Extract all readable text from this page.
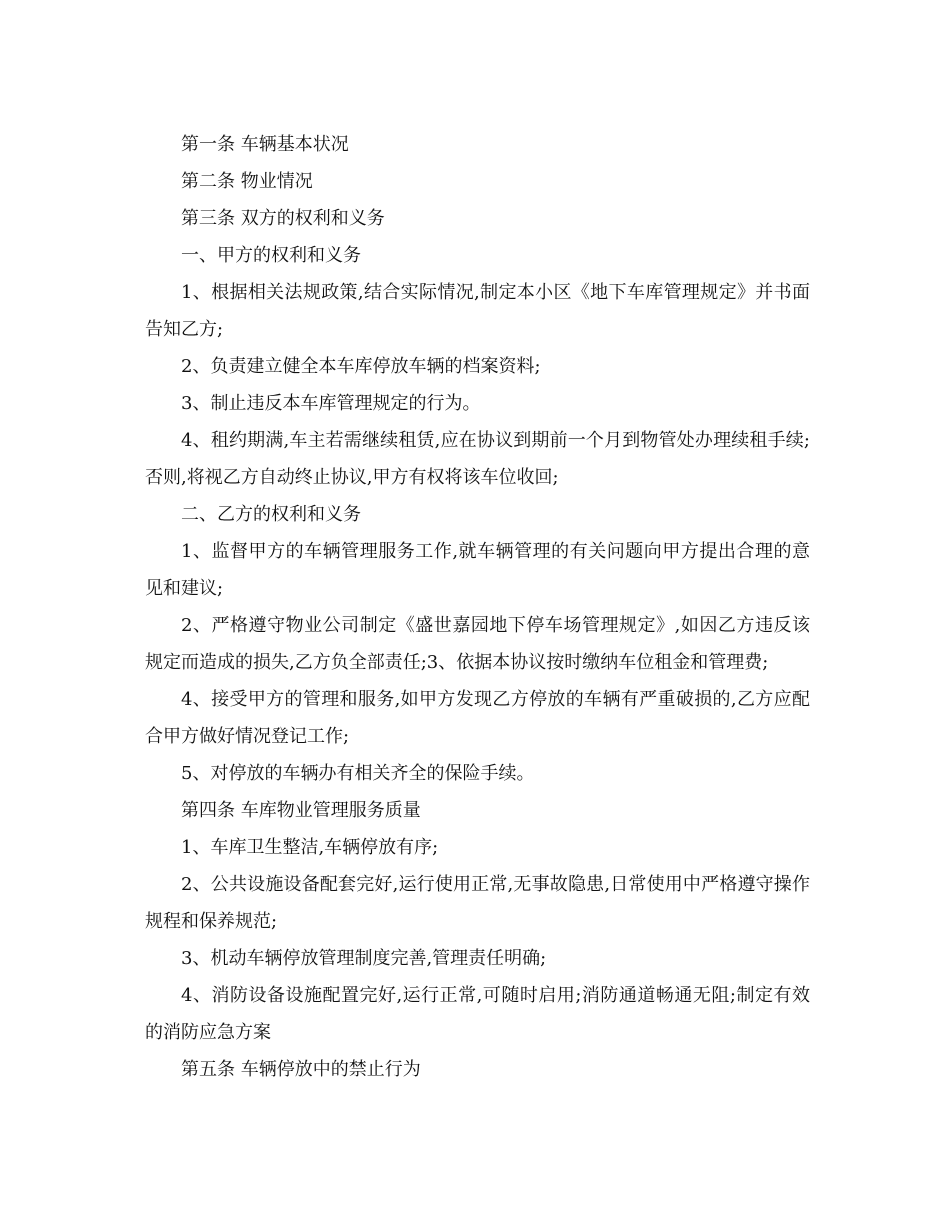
第一条 车辆基本状况

第二条 物业情况

第三条 双方的权利和义务

一、甲方的权利和义务

1、根据相关法规政策,结合实际情况,制定本小区《地下车库管理规定》并书面告知乙方;

2、负责建立健全本车库停放车辆的档案资料;

3、制止违反本车库管理规定的行为。

4、租约期满,车主若需继续租赁,应在协议到期前一个月到物管处办理续租手续;否则,将视乙方自动终止协议,甲方有权将该车位收回;

二、乙方的权利和义务

1、监督甲方的车辆管理服务工作,就车辆管理的有关问题向甲方提出合理的意见和建议;

2、严格遵守物业公司制定《盛世嘉园地下停车场管理规定》,如因乙方违反该规定而造成的损失,乙方负全部责任;3、依据本协议按时缴纳车位租金和管理费;

4、接受甲方的管理和服务,如甲方发现乙方停放的车辆有严重破损的,乙方应配合甲方做好情况登记工作;

5、对停放的车辆办有相关齐全的保险手续。

第四条 车库物业管理服务质量

1、车库卫生整洁,车辆停放有序;

2、公共设施设备配套完好,运行使用正常,无事故隐患,日常使用中严格遵守操作规程和保养规范;

3、机动车辆停放管理制度完善,管理责任明确;

4、消防设备设施配置完好,运行正常,可随时启用;消防通道畅通无阻;制定有效的消防应急方案

第五条 车辆停放中的禁止行为
